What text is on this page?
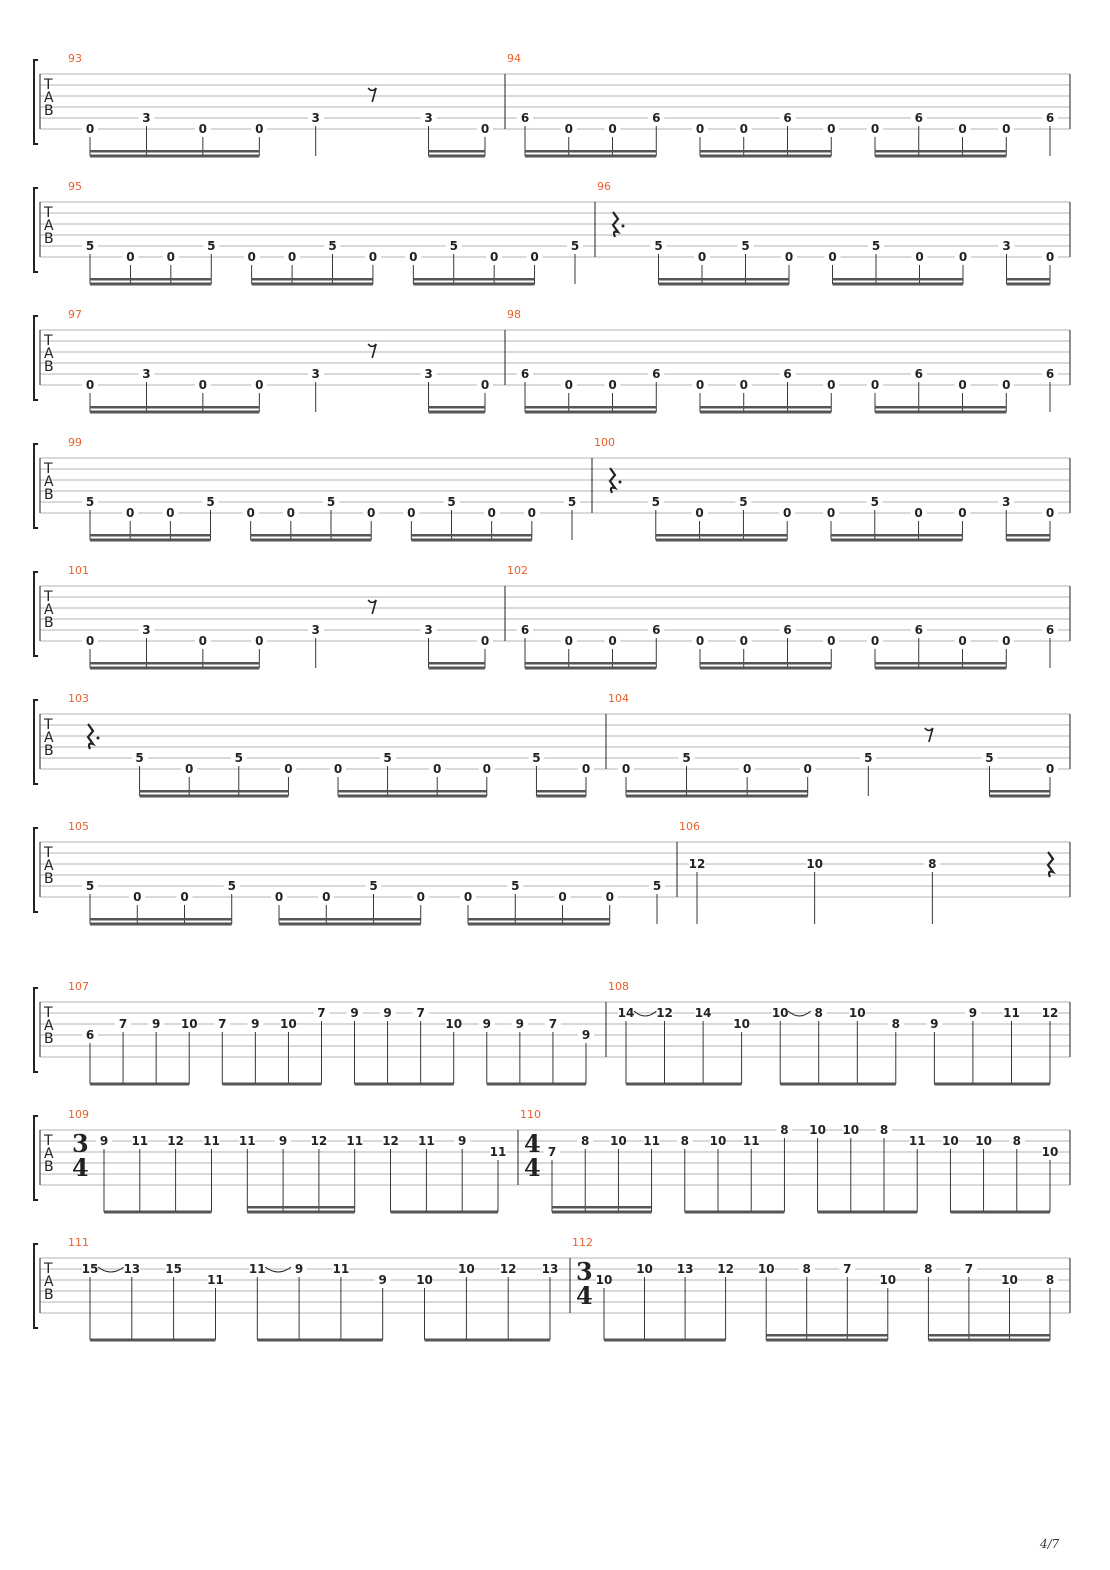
T
A
B
93
0
3
0	0
3	3
0
94
6
0	0
6
0	0
6
0	0
6
0	0
6
T
A
B
95
5
0	0
5
0	0
5
0	0
5
0	0
5
96
5
0
5
0	0
5
0	0
3
0
T
A
B
97
0
3
0	0
3	3
0
98
6
0	0
6
0	0
6
0	0
6
0	0
6
T
A
B
99
5
0	0
5
0	0
5
0	0
5
0	0
5
100
5
0
5
0	0
5
0	0
3
0
T
A
B
101
0
3
0	0
3	3
0
102
6
0	0
6
0	0
6
0	0
6
0	0
6
T
A
B
103
5
0
5
0	0
5
0	0
5
0
104
0
5
0	0
5	5
0
T
A
B
105
5
0	0
5
0	0
5
0	0
5
0	0
5
106
12	10	8
T
A
B
107
6
7 9 10 7 9 10
7 9 9 7
10 9 9 7
9
108
14 12 14
10
10 8 10
8	9
9 11 12
T
A
B
109
3
4
9 11 12 11 11 9 12 11 12 11 9
11
110
4
4
7
8 10 11 8 10 11
8 10 10 8
11 10 10 8
10
T
A
B
111
15 13 15
11
11 9 11
9 10
10 12 13
112
3
4
10
10 13 12 10 8	7
10
8	7
10 8
4/7
